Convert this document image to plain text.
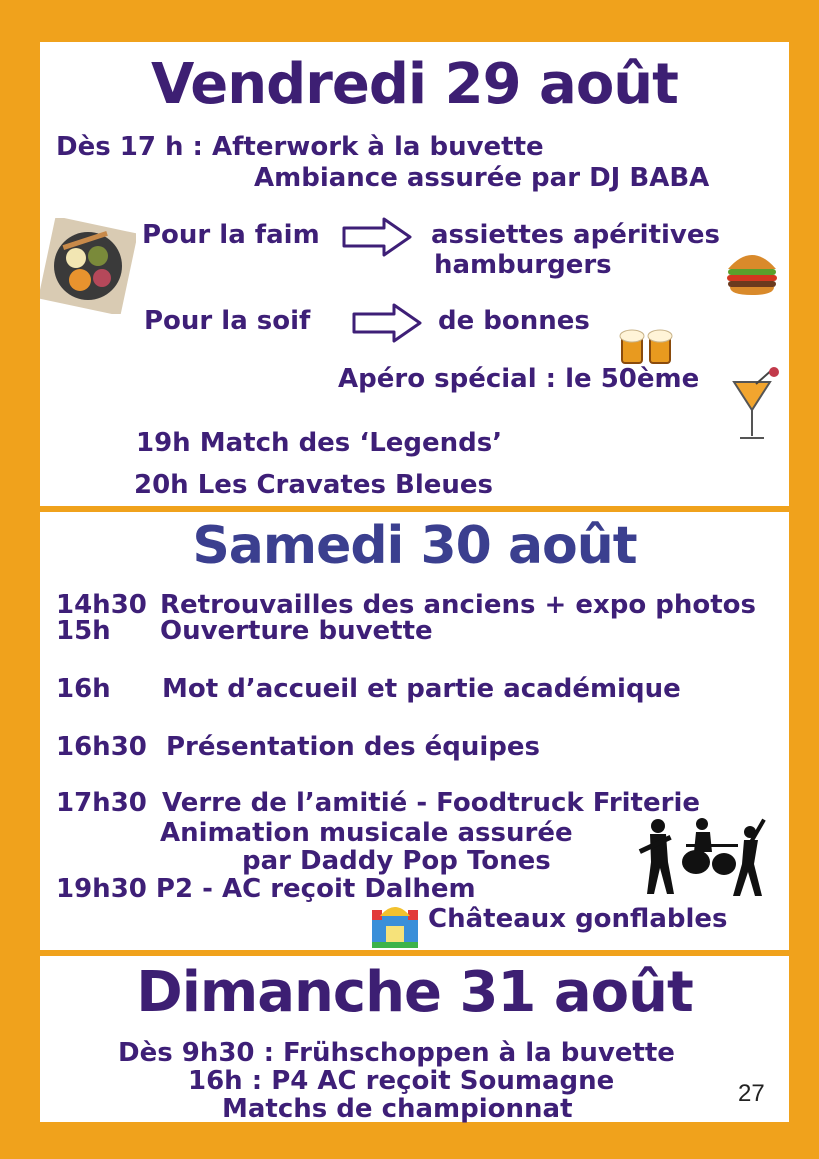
Vendredi 29 août

Dès 17 h : Afterwork à la buvette

Ambiance assurée par DJ BABA

Pour la faim	assiettes apéritives

hamburgers

Pour la soif	de bonnes

Apéro spécial : le 50ème

19h Match des ‘Legends’

20h Les Cravates Bleues

Samedi 30 août

14h30 Retrouvailles des anciens + expo photos

15h Ouverture buvette

16h Mot d’accueil et partie académique

16h30 Présentation des équipes

17h30 Verre de l’amitié - Foodtruck Friterie

Animation musicale assurée

par Daddy Pop Tones

19h30 P2 - AC reçoit Dalhem

Châteaux gonflables

Dimanche 31 août

Dès 9h30 : Frühschoppen à la buvette

16h : P4 AC reçoit Soumagne

Matchs de championnat

27
